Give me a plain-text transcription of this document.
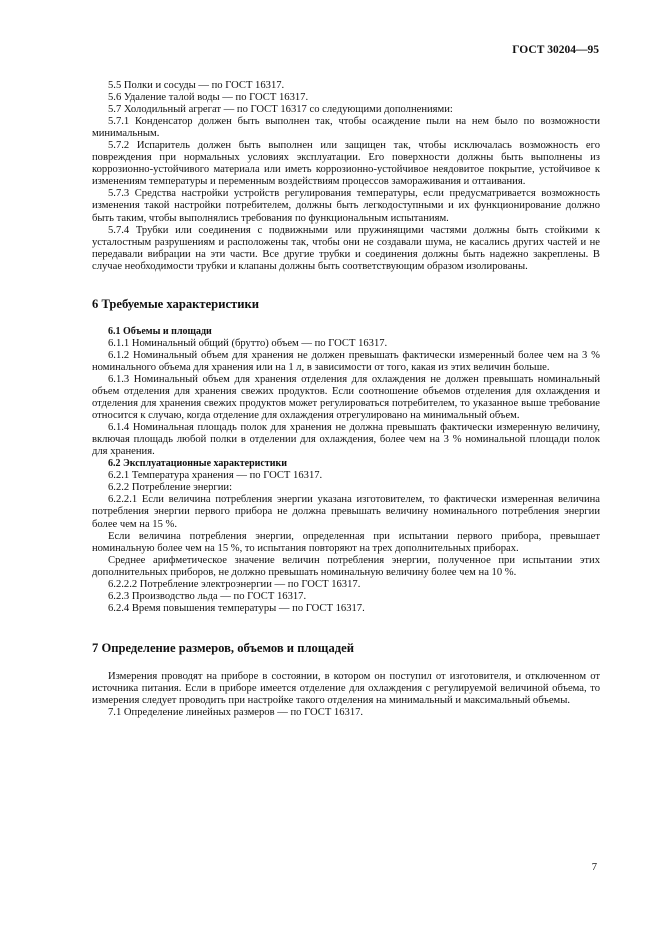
ГОСТ 30204—95

5.5 Полки и сосуды — по ГОСТ 16317.

5.6 Удаление талой воды — по ГОСТ 16317.

5.7 Холодильный агрегат — по ГОСТ 16317 со следующими дополнениями:

5.7.1 Конденсатор должен быть выполнен так, чтобы осаждение пыли на нем было по возможности минимальным.

5.7.2 Испаритель должен быть выполнен или защищен так, чтобы исключалась возможность его повреждения при нормальных условиях эксплуатации. Его поверхности должны быть выполнены из коррозионно-устойчивого материала или иметь коррозионно-устойчивое неядовитое покрытие, устойчивое к изменениям температуры и переменным воздействиям процессов замораживания и оттаивания.

5.7.3 Средства настройки устройств регулирования температуры, если предусматривается возможность изменения такой настройки потребителем, должны быть легкодоступными и их функционирование должно быть таким, чтобы выполнялись требования по функциональным испытаниям.

5.7.4 Трубки или соединения с подвижными или пружинящими частями должны быть стойкими к усталостным разрушениям и расположены так, чтобы они не создавали шума, не касались других частей и не передавали вибрации на эти части. Все другие трубки и соединения должны быть надежно закреплены. В случае необходимости трубки и клапаны должны быть соответствующим образом изолированы.

6 Требуемые характеристики

6.1 Объемы и площади

6.1.1 Номинальный общий (брутто) объем — по ГОСТ 16317.

6.1.2 Номинальный объем для хранения не должен превышать фактически измеренный более чем на 3 % номинального объема для хранения или на 1 л, в зависимости от того, какая из этих величин больше.

6.1.3 Номинальный объем для хранения отделения для охлаждения не должен превышать номинальный объем отделения для хранения свежих продуктов. Если соотношение объемов отделения для охлаждения и отделения для хранения свежих продуктов может регулироваться потребителем, то указанное выше требование относится к случаю, когда отделение для охлаждения отрегулировано на минимальный объем.

6.1.4 Номинальная площадь полок для хранения не должна превышать фактически измеренную величину, включая площадь любой полки в отделении для охлаждения, более чем на 3 % номинальной площади полок для хранения.

6.2 Эксплуатационные характеристики

6.2.1 Температура хранения — по ГОСТ 16317.

6.2.2 Потребление энергии:

6.2.2.1 Если величина потребления энергии указана изготовителем, то фактически измеренная величина потребления энергии первого прибора не должна превышать величину номинального потребления энергии более чем на 15 %.

Если величина потребления энергии, определенная при испытании первого прибора, превышает номинальную более чем на 15 %, то испытания повторяют на трех дополнительных приборах.

Среднее арифметическое значение величин потребления энергии, полученное при испытании этих дополнительных приборов, не должно превышать номинальную величину более чем на 10 %.

6.2.2.2 Потребление электроэнергии — по ГОСТ 16317.

6.2.3 Производство льда — по ГОСТ 16317.

6.2.4 Время повышения температуры — по ГОСТ 16317.

7 Определение размеров, объемов и площадей

Измерения проводят на приборе в состоянии, в котором он поступил от изготовителя, и отключенном от источника питания. Если в приборе имеется отделение для охлаждения с регулируемой величиной объема, то измерения следует проводить при настройке такого отделения на минимальный и максимальный объемы.

7.1 Определение линейных размеров — по ГОСТ 16317.

7
